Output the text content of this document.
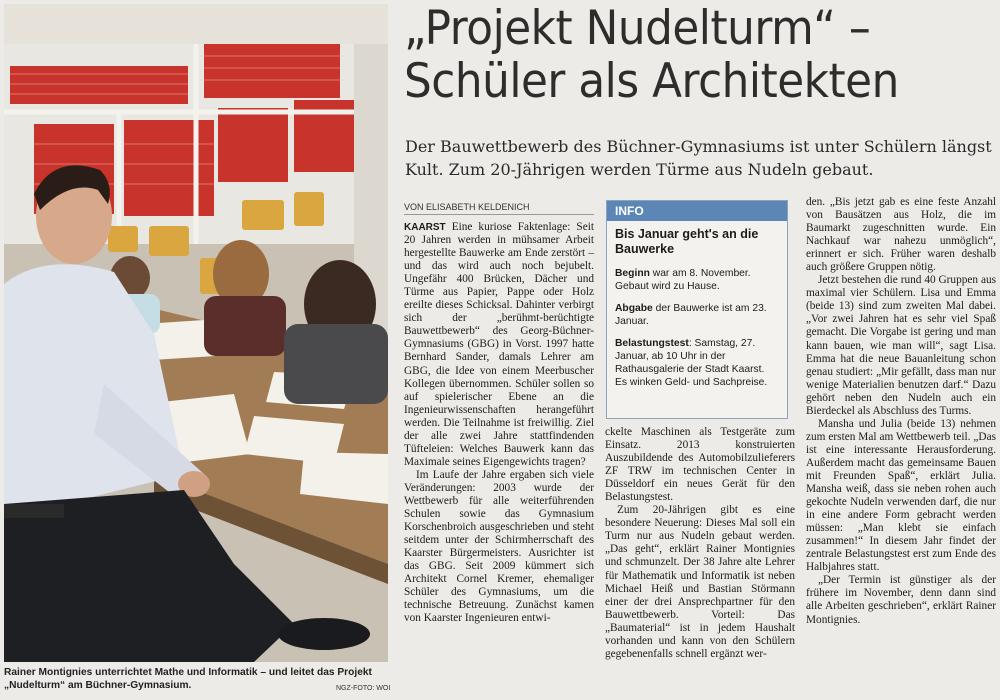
Rainer Montignies unterrichtet Mathe und Informatik – und leitet das Projekt „Nudelturm“ am Büchner-Gymnasium.	NGZ-FOTO: WOI
„Projekt Nudelturm“ –
Schüler als Architekten
Der Bauwettbewerb des Büchner-Gymnasiums ist unter Schülern längst Kult. Zum 20-Jährigen werden Türme aus Nudeln gebaut.
VON ELISABETH KELDENICH

KAARST Eine kuriose Faktenlage: Seit 20 Jahren werden in mühsamer Arbeit hergestellte Bauwerke am Ende zerstört – und das wird auch noch bejubelt. Ungefähr 400 Brücken, Dächer und Türme aus Papier, Pappe oder Holz ereilte dieses Schicksal. Dahinter verbirgt sich der „berühmt-berüchtigte Bauwettbewerb“ des Georg-Büchner-Gymnasiums (GBG) in Vorst. 1997 hatte Bernhard Sander, damals Lehrer am GBG, die Idee von einem Meerbuscher Kollegen übernommen. Schüler sollen so auf spielerischer Ebene an die Ingenieurwissenschaften herangeführt werden. Die Teilnahme ist freiwillig. Ziel der alle zwei Jahre stattfindenden Tüfteleien: Welches Bauwerk kann das Maximale seines Eigengewichts tragen?

Im Laufe der Jahre ergaben sich viele Veränderungen: 2003 wurde der Wettbewerb für alle weiterführenden Schulen sowie das Gymnasium Korschenbroich ausgeschrieben und steht seitdem unter der Schirmherrschaft des Kaarster Bürgermeisters. Ausrichter ist das GBG. Seit 2009 kümmert sich Architekt Cornel Kremer, ehemaliger Schüler des Gymnasiums, um die technische Betreuung. Zunächst kamen von Kaarster Ingenieuren entwi-

INFO
Bis Januar geht's an die Bauwerke
Beginn war am 8. November. Gebaut wird zu Hause.
Abgabe der Bauwerke ist am 23. Januar.
Belastungstest: Samstag, 27. Januar, ab 10 Uhr in der Rathausgalerie der Stadt Kaarst. Es winken Geld- und Sachpreise.

ckelte Maschinen als Testgeräte zum Einsatz. 2013 konstruierten Auszubildende des Automobilzulieferers ZF TRW im technischen Center in Düsseldorf ein neues Gerät für den Belastungstest.

Zum 20-Jährigen gibt es eine besondere Neuerung: Dieses Mal soll ein Turm nur aus Nudeln gebaut werden. „Das geht“, erklärt Rainer Montignies und schmunzelt. Der 38 Jahre alte Lehrer für Mathematik und Informatik ist neben Michael Heiß und Bastian Störmann einer der drei Ansprechpartner für den Bauwettbewerb. Vorteil: Das „Baumaterial“ ist in jedem Haushalt vorhanden und kann von den Schülern gegebenenfalls schnell ergänzt wer-

den. „Bis jetzt gab es eine feste Anzahl von Bausätzen aus Holz, die im Baumarkt zugeschnitten wurde. Ein Nachkauf war nahezu unmöglich“, erinnert er sich. Früher waren deshalb auch größere Gruppen nötig.

Jetzt bestehen die rund 40 Gruppen aus maximal vier Schülern. Lisa und Emma (beide 13) sind zum zweiten Mal dabei. „Vor zwei Jahren hat es sehr viel Spaß gemacht. Die Vorgabe ist gering und man kann bauen, wie man will“, sagt Lisa. Emma hat die neue Bauanleitung schon genau studiert: „Mir gefällt, dass man nur wenige Materialien benutzen darf.“ Dazu gehört neben den Nudeln auch ein Bierdeckel als Abschluss des Turms.

Mansha und Julia (beide 13) nehmen zum ersten Mal am Wettbewerb teil. „Das ist eine interessante Herausforderung. Außerdem macht das gemeinsame Bauen mit Freunden Spaß“, erklärt Julia. Mansha weiß, dass sie neben rohen auch gekochte Nudeln verwenden darf, die nur in eine andere Form gebracht werden müssen: „Man klebt sie einfach zusammen!“ In diesem Jahr findet der zentrale Belastungstest erst zum Ende des Halbjahres statt.

„Der Termin ist günstiger als der frühere im November, denn dann sind alle Arbeiten geschrieben“, erklärt Rainer Montignies.
